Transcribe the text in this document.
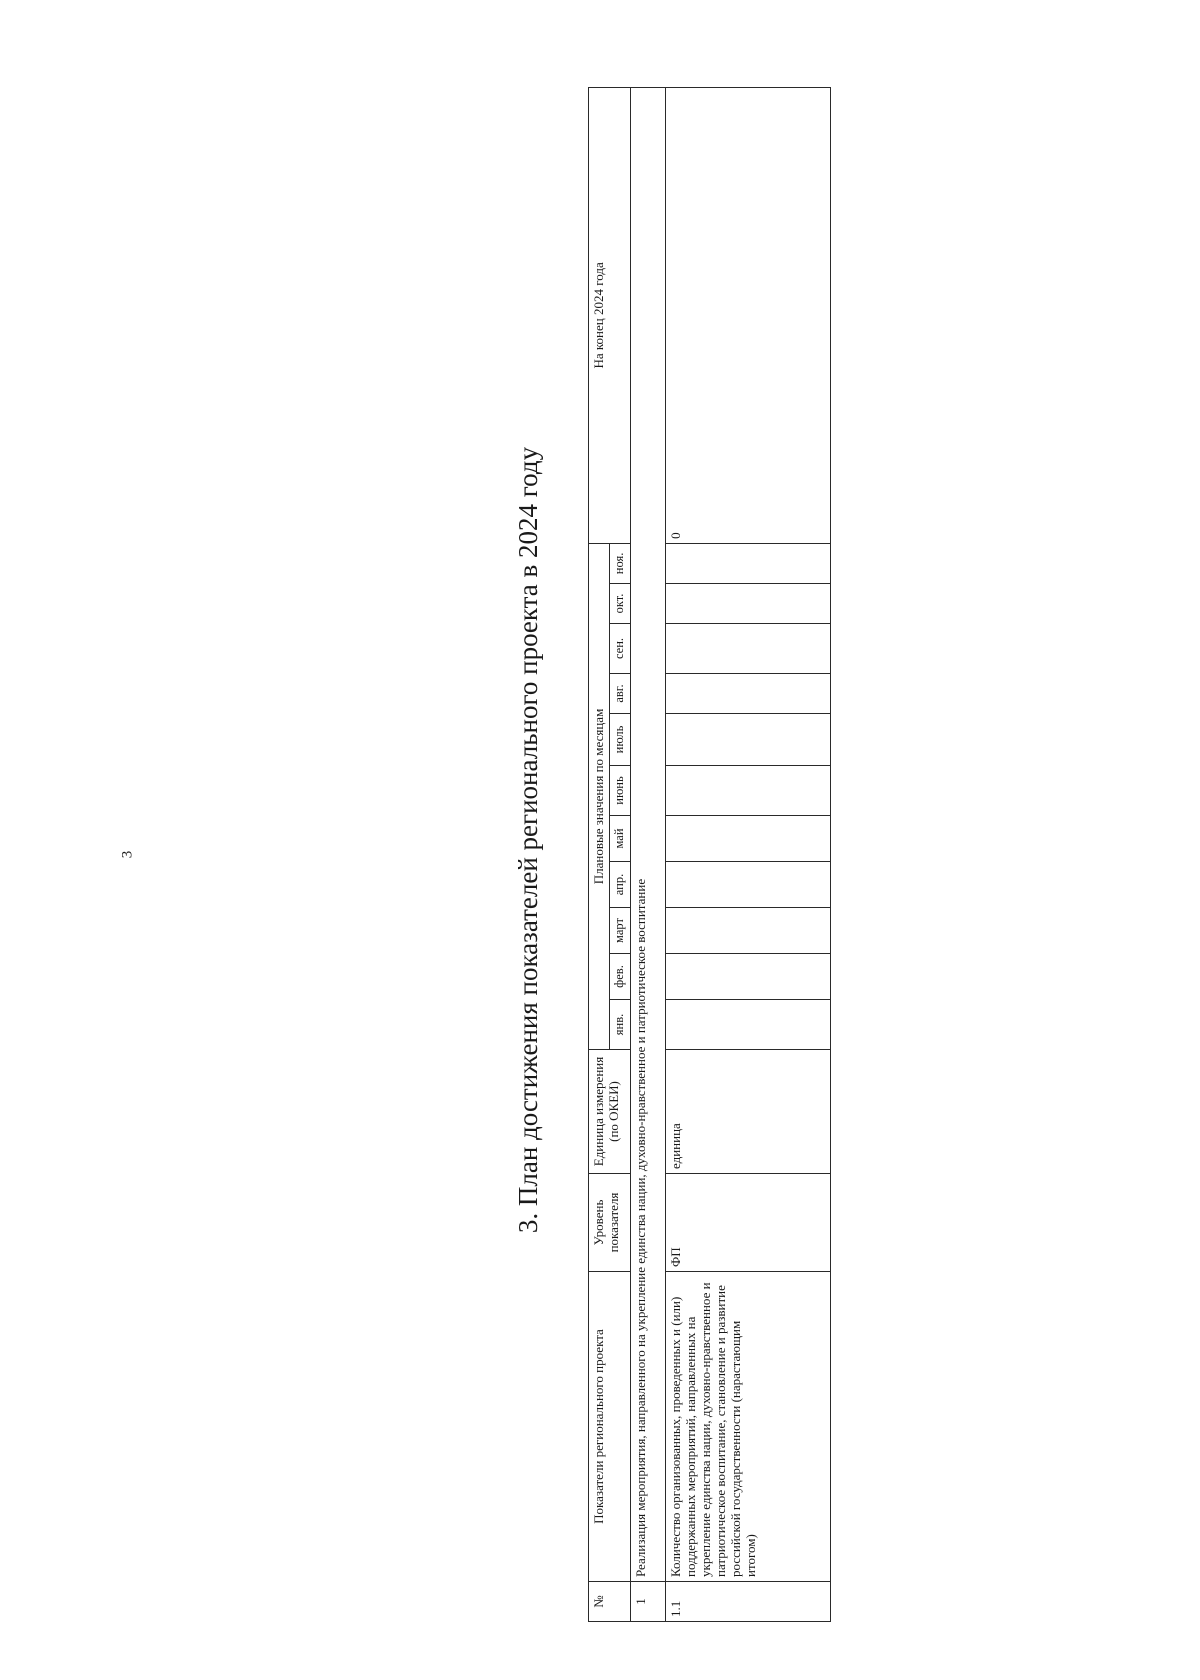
3	3. План достижения показателей регионального проекта в 2024 году
№	Показатели регионального проекта	Уровень показателя	Единица измерения (по ОКЕИ)	Плановые значения по месяцам											На конец 2024 года
				янв.	фев.	март	апр.	май	июнь	июль	авг.	сен.	окт.	ноя.	
1	Реализация мероприятия, направленного на укрепление единства нации, духовно-нравственное и патриотическое воспитание														
1.1	Количество организованных, проведенных и (или) поддержанных мероприятий, направленных на укрепление единства нации, духовно-нравственное и патриотическое воспитание, становление и развитие российской государственности (нарастающим итогом)	ФП	единица												0
